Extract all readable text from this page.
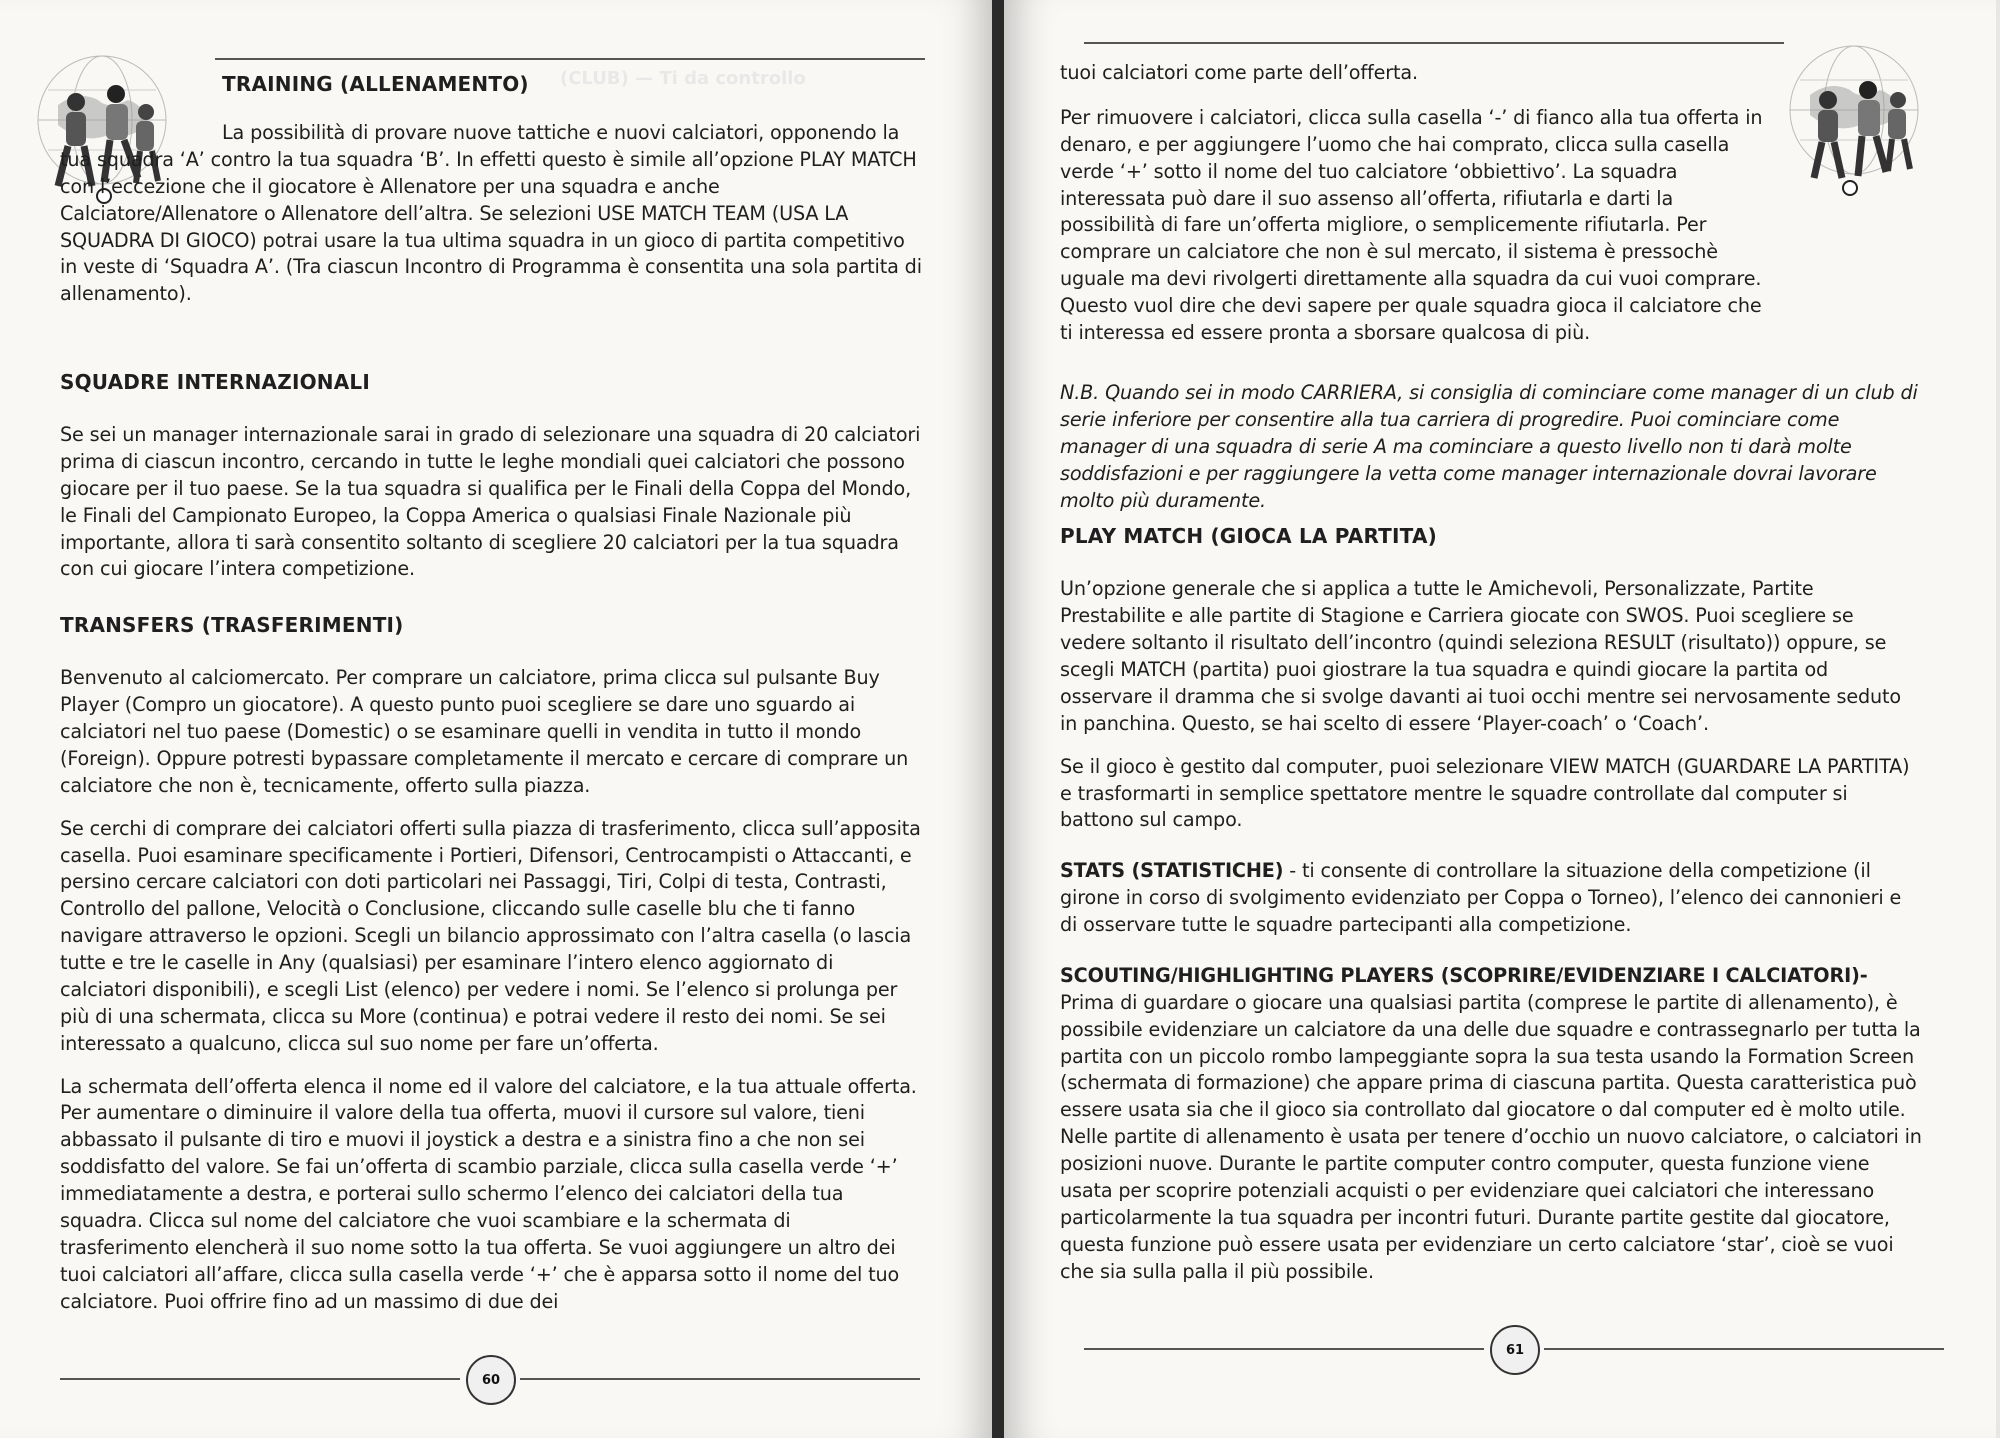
(CLUB) — Ti da controllo
TRAINING (ALLENAMENTO)

La possibilità di provare nuove tattiche e nuovi calciatori, opponendo la tua squadra ‘A’ contro la tua squadra ‘B’. In effetti questo è simile all’opzione PLAY MATCH con l’eccezione che il giocatore è Allenatore per una squadra e anche Calciatore/Allenatore o Allenatore dell’altra. Se selezioni USE MATCH TEAM (USA LA SQUADRA DI GIOCO) potrai usare la tua ultima squadra in un gioco di partita competitivo in veste di ‘Squadra A’. (Tra ciascun Incontro di Programma è consentita una sola partita di allenamento).

SQUADRE INTERNAZIONALI

Se sei un manager internazionale sarai in grado di selezionare una squadra di 20 calciatori prima di ciascun incontro, cercando in tutte le leghe mondiali quei calciatori che possono giocare per il tuo paese. Se la tua squadra si qualifica per le Finali della Coppa del Mondo, le Finali del Campionato Europeo, la Coppa America o qualsiasi Finale Nazionale più importante, allora ti sarà consentito soltanto di scegliere 20 calciatori per la tua squadra con cui giocare l’intera competizione.

TRANSFERS (TRASFERIMENTI)

Benvenuto al calciomercato. Per comprare un calciatore, prima clicca sul pulsante Buy Player (Compro un giocatore). A questo punto puoi scegliere se dare uno sguardo ai calciatori nel tuo paese (Domestic) o se esaminare quelli in vendita in tutto il mondo (Foreign). Oppure potresti bypassare completamente il mercato e cercare di comprare un calciatore che non è, tecnicamente, offerto sulla piazza.

Se cerchi di comprare dei calciatori offerti sulla piazza di trasferimento, clicca sull’apposita casella. Puoi esaminare specificamente i Portieri, Difensori, Centrocampisti o Attaccanti, e persino cercare calciatori con doti particolari nei Passaggi, Tiri, Colpi di testa, Contrasti, Controllo del pallone, Velocità o Conclusione, cliccando sulle caselle blu che ti fanno navigare attraverso le opzioni. Scegli un bilancio approssimato con l’altra casella (o lascia tutte e tre le caselle in Any (qualsiasi) per esaminare l’intero elenco aggiornato di calciatori disponibili), e scegli List (elenco) per vedere i nomi. Se l’elenco si prolunga per più di una schermata, clicca su More (continua) e potrai vedere il resto dei nomi. Se sei interessato a qualcuno, clicca sul suo nome per fare un’offerta.

La schermata dell’offerta elenca il nome ed il valore del calciatore, e la tua attuale offerta. Per aumentare o diminuire il valore della tua offerta, muovi il cursore sul valore, tieni abbassato il pulsante di tiro e muovi il joystick a destra e a sinistra fino a che non sei soddisfatto del valore. Se fai un’offerta di scambio parziale, clicca sulla casella verde ‘+’ immediatamente a destra, e porterai sullo schermo l’elenco dei calciatori della tua squadra. Clicca sul nome del calciatore che vuoi scambiare e la schermata di trasferimento elencherà il suo nome sotto la tua offerta. Se vuoi aggiungere un altro dei tuoi calciatori all’affare, clicca sulla casella verde ‘+’ che è apparsa sotto il nome del tuo calciatore. Puoi offrire fino ad un massimo di due dei

60

tuoi calciatori come parte dell’offerta.

Per rimuovere i calciatori, clicca sulla casella ‘-’ di fianco alla tua offerta in denaro, e per aggiungere l’uomo che hai comprato, clicca sulla casella verde ‘+’ sotto il nome del tuo calciatore ‘obbiettivo’. La squadra interessata può dare il suo assenso all’offerta, rifiutarla e darti la possibilità di fare un’offerta migliore, o semplicemente rifiutarla. Per comprare un calciatore che non è sul mercato, il sistema è pressochè uguale ma devi rivolgerti direttamente alla squadra da cui vuoi comprare. Questo vuol dire che devi sapere per quale squadra gioca il calciatore che ti interessa ed essere pronta a sborsare qualcosa di più.

N.B. Quando sei in modo CARRIERA, si consiglia di cominciare come manager di un club di serie inferiore per consentire alla tua carriera di progredire. Puoi cominciare come manager di una squadra di serie A ma cominciare a questo livello non ti darà molte soddisfazioni e per raggiungere la vetta come manager internazionale dovrai lavorare molto più duramente.

PLAY MATCH (GIOCA LA PARTITA)

Un’opzione generale che si applica a tutte le Amichevoli, Personalizzate, Partite Prestabilite e alle partite di Stagione e Carriera giocate con SWOS. Puoi scegliere se vedere soltanto il risultato dell’incontro (quindi seleziona RESULT (risultato)) oppure, se scegli MATCH (partita) puoi giostrare la tua squadra e quindi giocare la partita od osservare il dramma che si svolge davanti ai tuoi occhi mentre sei nervosamente seduto in panchina. Questo, se hai scelto di essere ‘Player-coach’ o ‘Coach’.

Se il gioco è gestito dal computer, puoi selezionare VIEW MATCH (GUARDARE LA PARTITA) e trasformarti in semplice spettatore mentre le squadre controllate dal computer si battono sul campo.

STATS (STATISTICHE) - ti consente di controllare la situazione della competizione (il girone in corso di svolgimento evidenziato per Coppa o Torneo), l’elenco dei cannonieri e di osservare tutte le squadre partecipanti alla competizione.

SCOUTING/HIGHLIGHTING PLAYERS (SCOPRIRE/EVIDENZIARE I CALCIATORI)- Prima di guardare o giocare una qualsiasi partita (comprese le partite di allenamento), è possibile evidenziare un calciatore da una delle due squadre e contrassegnarlo per tutta la partita con un piccolo rombo lampeggiante sopra la sua testa usando la Formation Screen (schermata di formazione) che appare prima di ciascuna partita. Questa caratteristica può essere usata sia che il gioco sia controllato dal giocatore o dal computer ed è molto utile. Nelle partite di allenamento è usata per tenere d’occhio un nuovo calciatore, o calciatori in posizioni nuove. Durante le partite computer contro computer, questa funzione viene usata per scoprire potenziali acquisti o per evidenziare quei calciatori che interessano particolarmente la tua squadra per incontri futuri. Durante partite gestite dal giocatore, questa funzione può essere usata per evidenziare un certo calciatore ‘star’, cioè se vuoi che sia sulla palla il più possibile.

61
